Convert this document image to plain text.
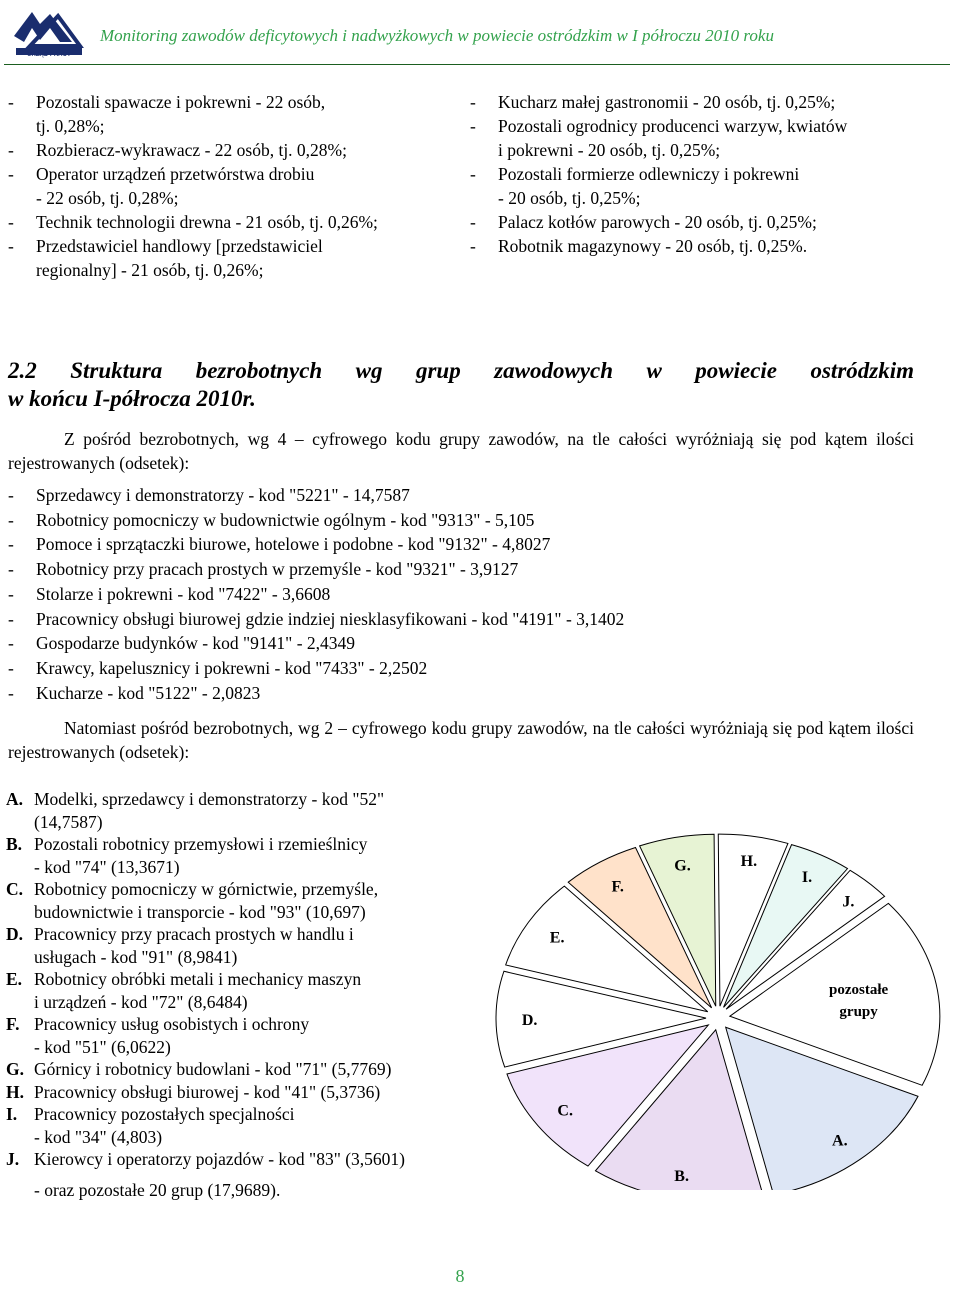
URZĄD PRACY
Monitoring zawodów deficytowych i nadwyżkowych w powiecie ostródzkim w I półroczu 2010 roku
- Pozostali spawacze i pokrewni - 22 osób,
tj. 0,28%;
- Rozbieracz-wykrawacz - 22 osób, tj. 0,28%;
- Operator urządzeń przetwórstwa drobiu
- 22 osób, tj. 0,28%;
- Technik technologii drewna - 21 osób, tj. 0,26%;
- Przedstawiciel handlowy [przedstawiciel
regionalny] - 21 osób, tj. 0,26%;
- Kucharz małej gastronomii - 20 osób, tj. 0,25%;
- Pozostali ogrodnicy producenci warzyw, kwiatów
i pokrewni - 20 osób, tj. 0,25%;
- Pozostali formierze odlewniczy i pokrewni
- 20 osób, tj. 0,25%;
- Palacz kotłów parowych - 20 osób, tj. 0,25%;
- Robotnik magazynowy - 20 osób, tj. 0,25%.
2.2 Struktura bezrobotnych wg grup zawodowych w powiecie ostródzkim
w końcu I-półrocza 2010r.
Z pośród bezrobotnych, wg 4 – cyfrowego kodu grupy zawodów, na tle całości wyróżniają się pod kątem ilości rejestrowanych (odsetek):
- Sprzedawcy i demonstratorzy - kod "5221" - 14,7587
- Robotnicy pomocniczy w budownictwie ogólnym - kod "9313" - 5,105
- Pomoce i sprzątaczki biurowe, hotelowe i podobne - kod "9132" - 4,8027
- Robotnicy przy pracach prostych w przemyśle - kod "9321" - 3,9127
- Stolarze i pokrewni - kod "7422" - 3,6608
- Pracownicy obsługi biurowej gdzie indziej niesklasyfikowani - kod "4191" - 3,1402
- Gospodarze budynków - kod "9141" - 2,4349
- Krawcy, kapelusznicy i pokrewni - kod "7433" - 2,2502
- Kucharze - kod "5122" - 2,0823
Natomiast pośród bezrobotnych, wg 2 – cyfrowego kodu grupy zawodów, na tle całości wyróżniają się pod kątem ilości rejestrowanych (odsetek):
A. Modelki, sprzedawcy i demonstratorzy - kod "52"
(14,7587)
B. Pozostali robotnicy przemysłowi i rzemieślnicy
- kod "74" (13,3671)
C. Robotnicy pomocniczy w górnictwie, przemyśle,
budownictwie i transporcie - kod "93" (10,697)
D. Pracownicy przy pracach prostych w handlu i
usługach - kod "91" (8,9841)
E. Robotnicy obróbki metali i mechanicy maszyn
i urządzeń - kod "72" (8,6484)
F. Pracownicy usług osobistych i ochrony
- kod "51" (6,0622)
G. Górnicy i robotnicy budowlani - kod "71" (5,7769)
H. Pracownicy obsługi biurowej - kod "41" (5,3736)
I. Pracownicy pozostałych specjalności
- kod "34" (4,803)
J. Kierowcy i operatorzy pojazdów - kod "83" (3,5601)
- oraz pozostałe 20 grup (17,9689).
pozostałe
grupy
A.
B.
C.
D.
E.
F.
G.	H.
I.
J.
8
